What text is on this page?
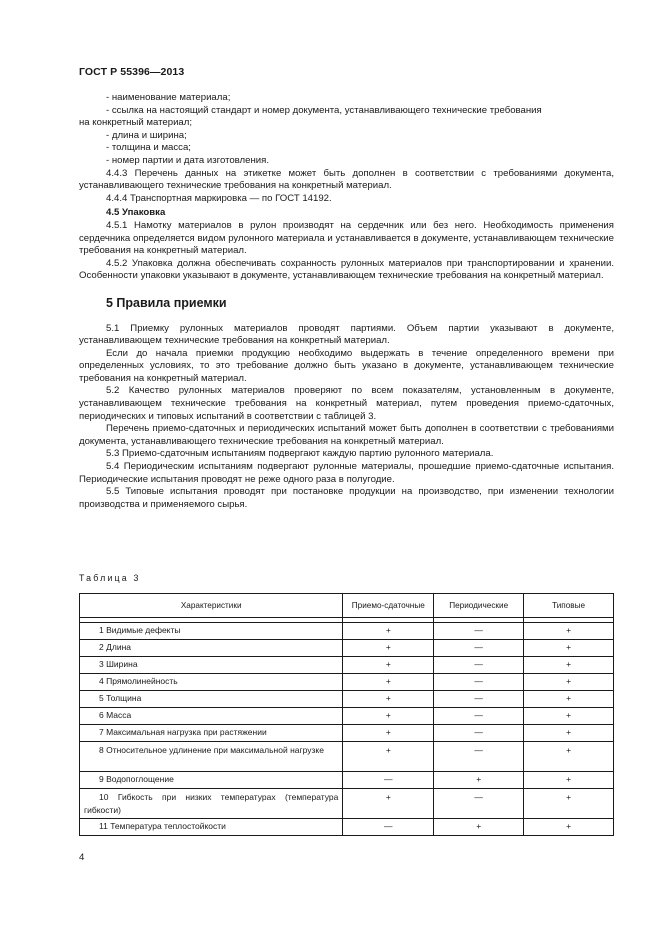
ГОСТ Р 55396—2013

- наименование материала;

- ссылка на настоящий стандарт и номер документа, устанавливающего технические требования

на конкретный материал;

- длина и ширина;

- толщина и масса;

- номер партии и дата изготовления.

4.4.3 Перечень данных на этикетке может быть дополнен в соответствии с требованиями документа, устанавливающего технические требования на конкретный материал.

4.4.4 Транспортная маркировка — по ГОСТ 14192.

4.5 Упаковка

4.5.1 Намотку материалов в рулон производят на сердечник или без него. Необходимость применения сердечника определяется видом рулонного материала и устанавливается в документе, устанавливающем технические требования на конкретный материал.

4.5.2 Упаковка должна обеспечивать сохранность рулонных материалов при транспортировании и хранении. Особенности упаковки указывают в документе, устанавливающем технические требования на конкретный материал.

5 Правила приемки

5.1 Приемку рулонных материалов проводят партиями. Объем партии указывают в документе, устанавливающем технические требования на конкретный материал.

Если до начала приемки продукцию необходимо выдержать в течение определенного времени при определенных условиях, то это требование должно быть указано в документе, устанавливающем технические требования на конкретный материал.

5.2 Качество рулонных материалов проверяют по всем показателям, установленным в документе, устанавливающем технические требования на конкретный материал, путем проведения приемо-сдаточных, периодических и типовых испытаний в соответствии с таблицей 3.

Перечень приемо-сдаточных и периодических испытаний может быть дополнен в соответствии с требованиями документа, устанавливающего технические требования на конкретный материал.

5.3 Приемо-сдаточным испытаниям подвергают каждую партию рулонного материала.

5.4 Периодическим испытаниям подвергают рулонные материалы, прошедшие приемо-сдаточные испытания. Периодические испытания проводят не реже одного раза в полугодие.

5.5 Типовые испытания проводят при постановке продукции на производство, при изменении технологии производства и применяемого сырья.

Таблица 3
Характеристики	Приемо-сдаточные	Периодические	Типовые

1 Видимые дефекты	+	—	+
2 Длина	+	—	+
3 Ширина	+	—	+
4 Прямолинейность	+	—	+
5 Толщина	+	—	+
6 Масса	+	—	+
7 Максимальная нагрузка при растяжении	+	—	+
8 Относительное удлинение при максимальной нагрузке	+	—	+
9 Водопоглощение	—	+	+
10 Гибкость при низких температурах (температура гибкости)	+	—	+
11 Температура теплостойкости	—	+	+
4
